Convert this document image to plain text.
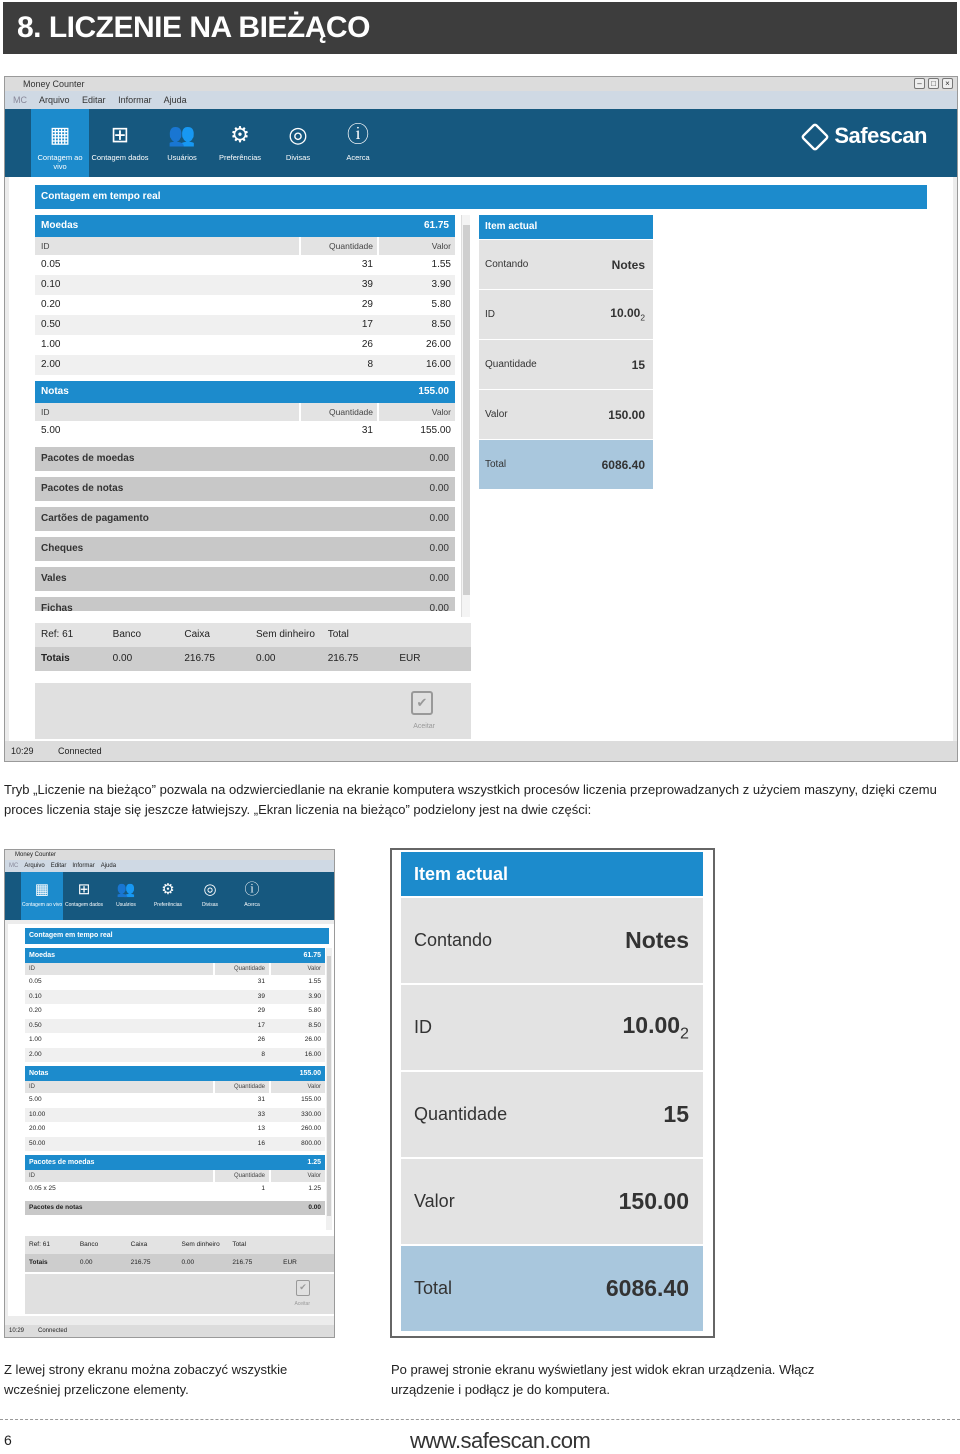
8. LICZENIE NA BIEŻĄCO
Money Counter	–	□	×
MC Arquivo Editar Informar Ajuda
Safescan
▦
Contagem ao vivo
⊞
Contagem dados
👥
Usuários
⚙
Preferências
◎
Divisas
ⓘ
Acerca
Contagem em tempo real
Moedas	61.75
ID	Quantidade	Valor
0.05	31	1.55
0.10	39	3.90
0.20	29	5.80
0.50	17	8.50
1.00	26	26.00
2.00	8	16.00
Notas	155.00
ID	Quantidade	Valor
5.00	31	155.00
Pacotes de moedas	0.00
Pacotes de notas	0.00
Cartões de pagamento	0.00
Cheques	0.00
Vales	0.00
Fichas	0.00
Ref: 61	Banco	Caixa	Sem dinheiro	Total
Totais	0.00	216.75	0.00	216.75	EUR
✔
Aceitar
Item actual
Contando	Notes
ID	$10.00_2$
Quantidade	15
Valor	150.00
Total	6086.40
10:29	Connected
Tryb „Liczenie na bieżąco” pozwala na odzwierciedlanie na ekranie komputera wszystkich procesów liczenia przeprowadzanych z użyciem maszyny, dzięki czemu proces liczenia staje się jeszcze łatwiejszy. „Ekran liczenia na bieżąco” podzielony jest na dwie części:
Money Counter
MC Arquivo Editar Informar Ajuda
▦
Contagem ao vivo
⊞
Contagem dados
👥
Usuários
⚙
Preferências
◎
Divisas
ⓘ
Acerca
Contagem em tempo real
Moedas	61.75
ID	Quantidade	Valor
0.05	31	1.55
0.10	39	3.90
0.20	29	5.80
0.50	17	8.50
1.00	26	26.00
2.00	8	16.00
Notas	155.00
ID	Quantidade	Valor
5.00	31	155.00
10.00	33	330.00
20.00	13	260.00
50.00	16	800.00
Pacotes de moedas	1.25
ID	Quantidade	Valor
0.05 x 25	1	1.25
Pacotes de notas	0.00
Ref: 61	Banco	Caixa	Sem dinheiro	Total
Totais	0.00	216.75	0.00	216.75	EUR
✔
Aceitar
10:29 Connected
Item actual
Contando	Notes
ID	$10.00_2$
Quantidade	15
Valor	150.00
Total	6086.40
Z lewej strony ekranu można zobaczyć wszystkie wcześniej przeliczone elementy.
Po prawej stronie ekranu wyświetlany jest widok ekran urządzenia. Włącz urządzenie i podłącz je do komputera.
6	www.safescan.com
